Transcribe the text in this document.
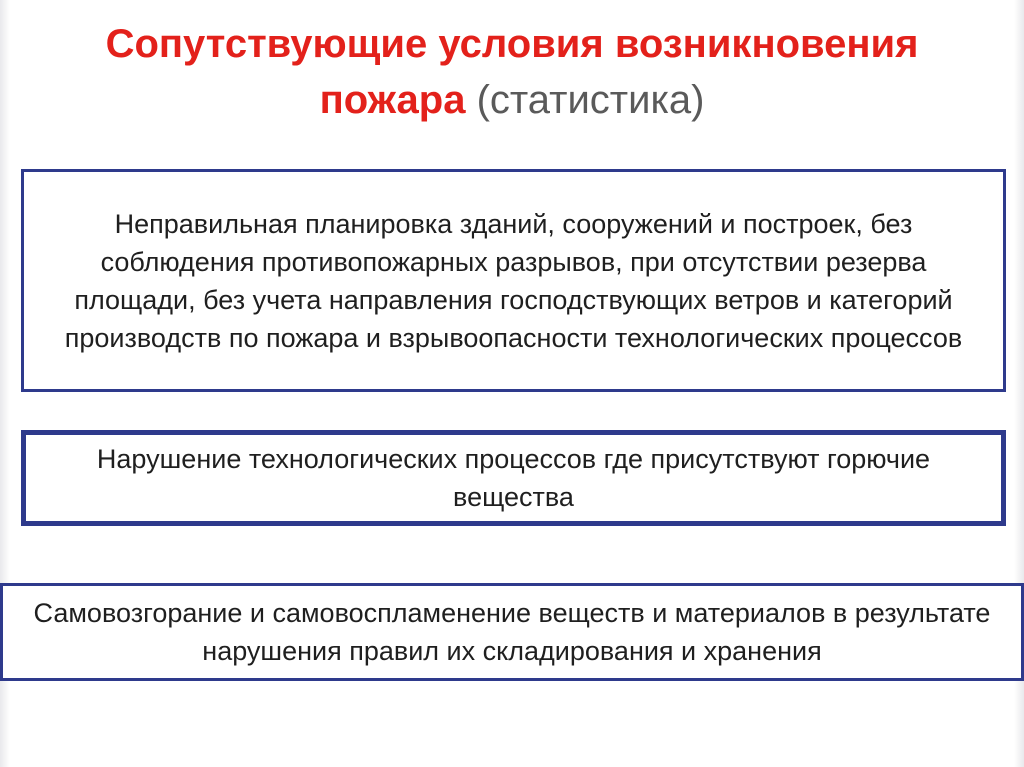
Сопутствующие условия возникновения пожара (статистика)
Неправильная планировка зданий, сооружений и построек, без соблюдения противопожарных разрывов, при отсутствии резерва площади, без учета направления господствующих ветров и категорий производств по пожара и взрывоопасности технологических процессов
Нарушение технологических процессов где присутствуют горючие вещества
Самовозгорание и самовоспламенение веществ и материалов в результате нарушения правил их складирования и хранения
